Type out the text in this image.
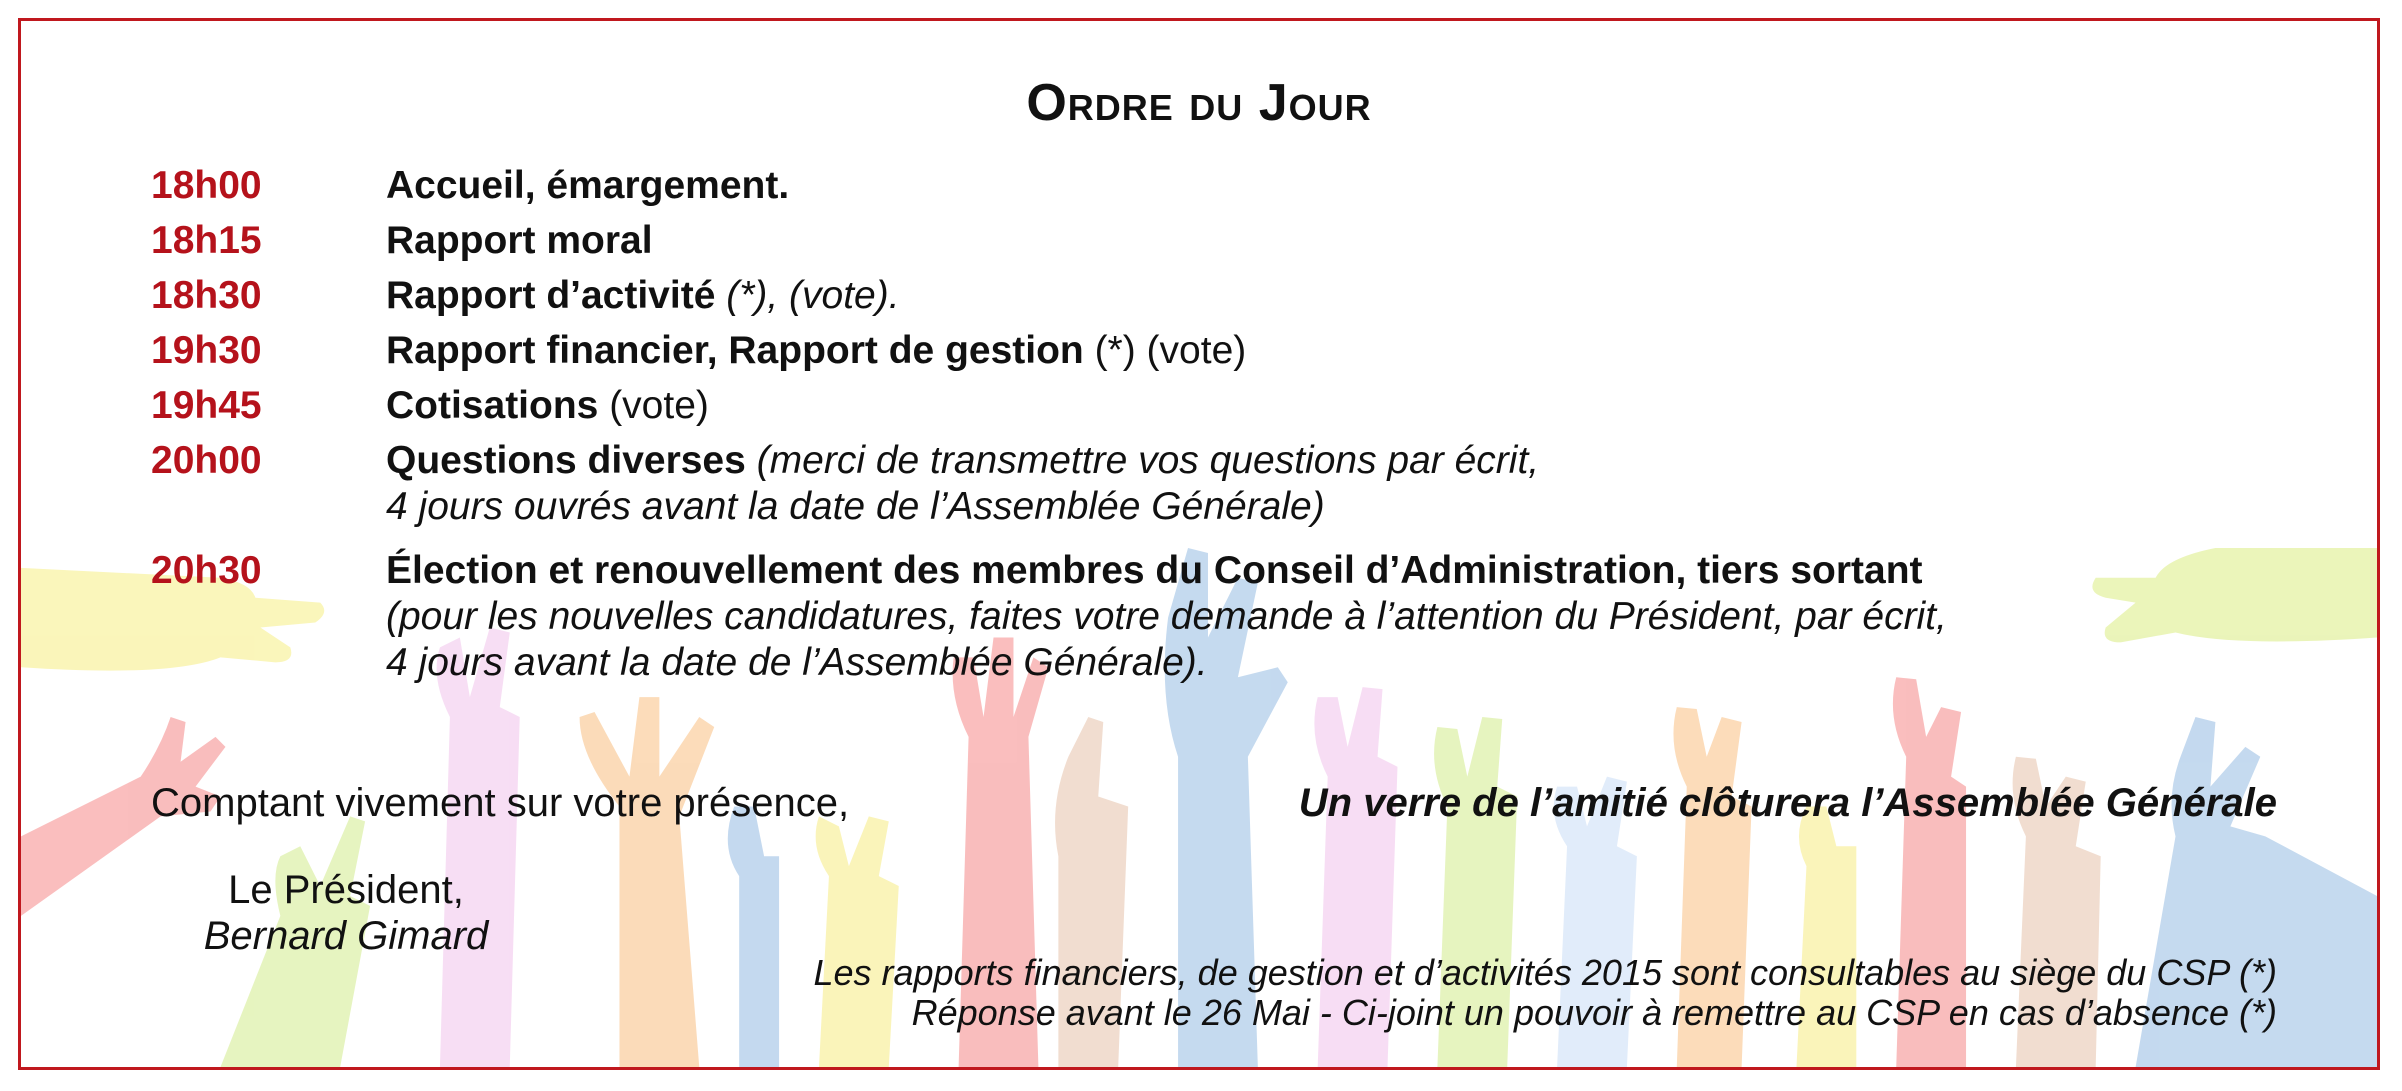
Ordre du Jour
18h00	Accueil, émargement.
18h15	Rapport moral
18h30	Rapport d’activité (*), (vote).
19h30	Rapport financier, Rapport de gestion (*) (vote)
19h45	Cotisations (vote)
20h00	Questions diverses (merci de transmettre vos questions par écrit,
4 jours ouvrés avant la date de l’Assemblée Générale)
20h30	Élection et renouvellement des membres du Conseil d’Administration, tiers sortant
(pour les nouvelles candidatures, faites votre demande à l’attention du Président, par écrit,
4 jours avant la date de l’Assemblée Générale).
Comptant vivement sur votre présence,	Un verre de l’amitié clôturera l’Assemblée Générale
Le Président,
Bernard Gimard
Les rapports financiers, de gestion et d’activités 2015 sont consultables au siège du CSP (*)
Réponse avant le 26 Mai - Ci-joint un pouvoir à remettre au CSP en cas d’absence (*)
